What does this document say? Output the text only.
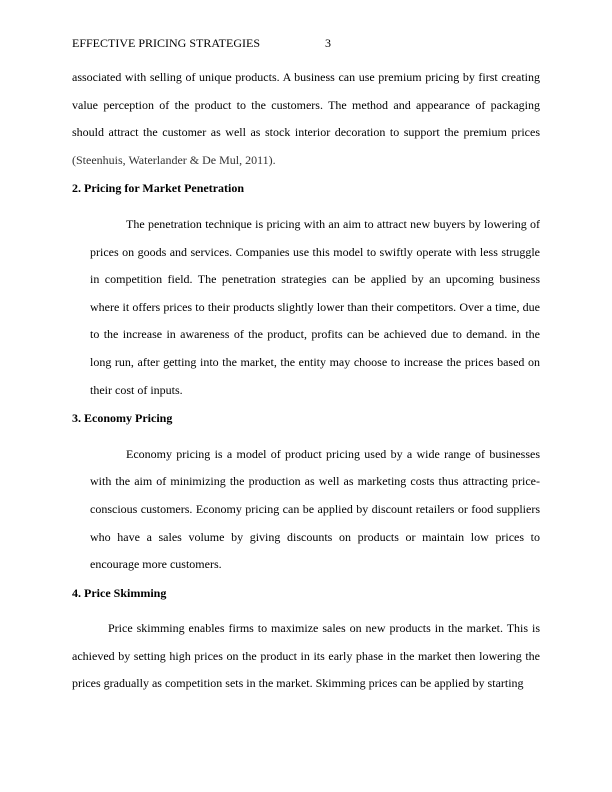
EFFECTIVE PRICING STRATEGIES	3

associated with selling of unique products. A business can use premium pricing by first creating value perception of the product to the customers. The method and appearance of packaging should attract the customer as well as stock interior decoration to support the premium prices (Steenhuis, Waterlander & De Mul, 2011).

2. Pricing for Market Penetration

The penetration technique is pricing with an aim to attract new buyers by lowering of prices on goods and services. Companies use this model to swiftly operate with less struggle in competition field. The penetration strategies can be applied by an upcoming business where it offers prices to their products slightly lower than their competitors. Over a time, due to the increase in awareness of the product, profits can be achieved due to demand. in the long run, after getting into the market, the entity may choose to increase the prices based on their cost of inputs.

3. Economy Pricing

Economy pricing is a model of product pricing used by a wide range of businesses with the aim of minimizing the production as well as marketing costs thus attracting price-conscious customers. Economy pricing can be applied by discount retailers or food suppliers who have a sales volume by giving discounts on products or maintain low prices to encourage more customers.

4. Price Skimming

Price skimming enables firms to maximize sales on new products in the market. This is achieved by setting high prices on the product in its early phase in the market then lowering the prices gradually as competition sets in the market. Skimming prices can be applied by starting
